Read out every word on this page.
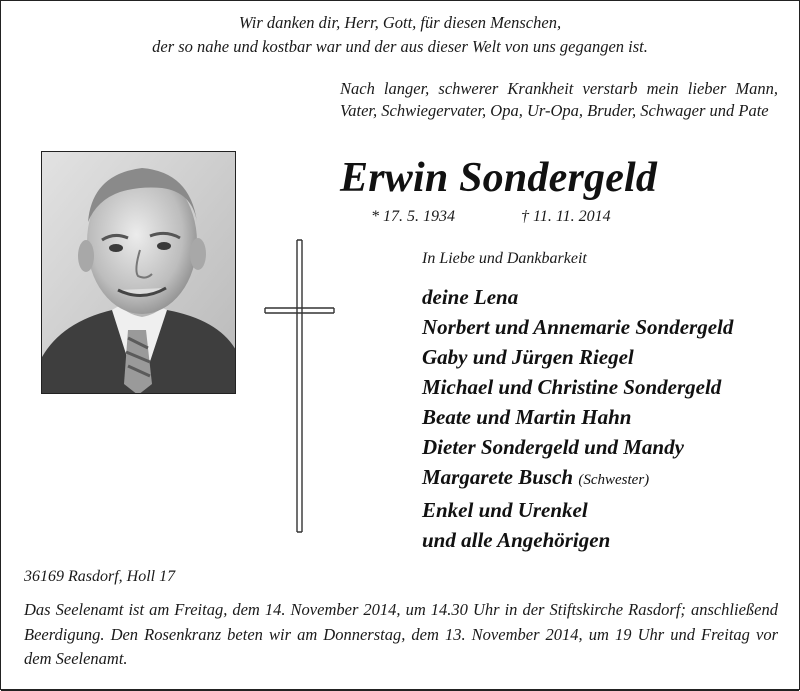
Wir danken dir, Herr, Gott, für diesen Menschen,
der so nahe und kostbar war und der aus dieser Welt von uns gegangen ist.
Nach langer, schwerer Krankheit verstarb mein lieber Mann, Vater, Schwiegervater, Opa, Ur-Opa, Bruder, Schwager und Pate
Erwin Sondergeld
* 17. 5. 1934	† 11. 11. 2014
In Liebe und Dankbarkeit
deine Lena
Norbert und Annemarie Sondergeld
Gaby und Jürgen Riegel
Michael und Christine Sondergeld
Beate und Martin Hahn
Dieter Sondergeld und Mandy
Margarete Busch (Schwester)
Enkel und Urenkel
und alle Angehörigen
36169 Rasdorf, Holl 17
Das Seelenamt ist am Freitag, dem 14. November 2014, um 14.30 Uhr in der Stiftskirche Rasdorf; anschließend Beerdigung. Den Rosenkranz beten wir am Donnerstag, dem 13. November 2014, um 19 Uhr und Freitag vor dem Seelenamt.
